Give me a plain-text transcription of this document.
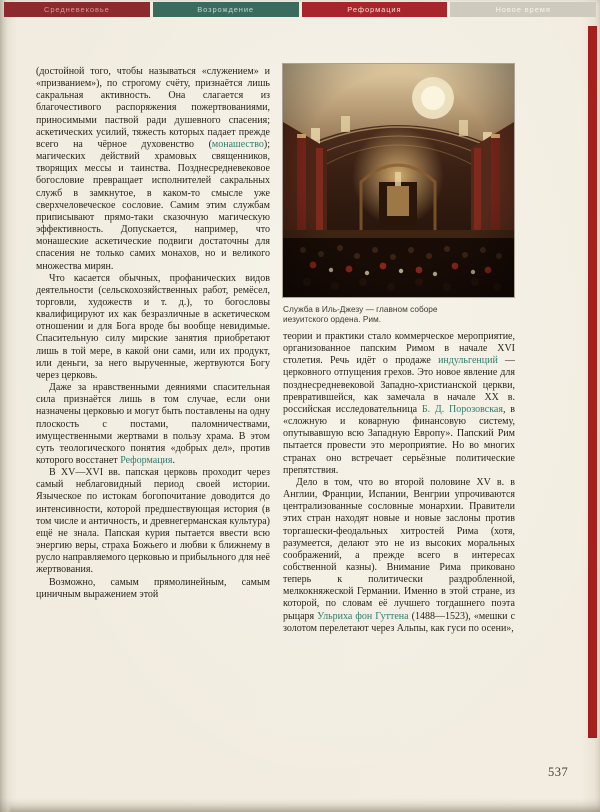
Средневековье	Возрождение	Реформация	Новое время
Служба в Иль-Джезу — главном соборе иезуитского ордена. Рим.

(достойной того, чтобы называться «служением» и «призванием»), по строгому счёту, признаётся лишь сакральная активность. Она слагается из благочестивого распоряжения пожертвованиями, приносимыми паствой ради душевного спасения; аскетических усилий, тяжесть которых падает прежде всего на чёрное духовенство (монашество); магических действий храмовых священников, творящих мессы и таинства. Позднесредневековое богословие превращает исполнителей сакральных служб в замкнутое, в каком-то смысле уже сверхчеловеческое сословие. Самим этим службам приписывают прямо-таки сказочную магическую эффективность. Допускается, например, что монашеские аскетические подвиги достаточны для спасения не только самих монахов, но и великого множества мирян.

Что касается обычных, профанических видов деятельности (сельскохозяйственных работ, ремёсел, торговли, художеств и т. д.), то богословы квалифицируют их как безразличные в аскетическом отношении и для Бога вроде бы вообще невидимые. Спасительную силу мирские занятия приобретают лишь в той мере, в какой они сами, или их продукт, или деньги, за него вырученные, жертвуются Богу через церковь.

Даже за нравственными деяниями спасительная сила признаётся лишь в том случае, если они назначены церковью и могут быть поставлены на одну плоскость с постами, паломничествами, имущественными жертвами в пользу храма. В этом суть теологического понятия «добрых дел», против которого восстанет Реформация.

В XV—XVI вв. папская церковь проходит через самый неблаговидный период своей истории. Языческое по истокам богопочитание доводится до интенсивности, которой предшествующая история (в том числе и античность, и древнегерманская культура) ещё не знала. Папская курия пытается ввести всю энергию веры, страха Божьего и любви к ближнему в русло направляемого церковью и прибыльного для неё жертвования.

Возможно, самым прямолинейным, самым циничным выражением этой

теории и практики стало коммерческое мероприятие, организованное папским Римом в начале XVI столетия. Речь идёт о продаже индульгенций — церковного отпущения грехов. Это новое явление для позднесредневековой Западно-христианской церкви, превратившейся, как замечала в начале XX в. российская исследовательница Б. Д. Порозовская, в «сложную и коварную финансовую систему, опутывавшую всю Западную Европу». Папский Рим пытается провести это мероприятие. Но во многих странах оно встречает серьёзные политические препятствия.

Дело в том, что во второй половине XV в. в Англии, Франции, Испании, Венгрии упрочиваются централизованные сословные монархии. Правители этих стран находят новые и новые заслоны против торгашески-феодальных хитростей Рима (хотя, разумеется, делают это не из высоких моральных соображений, а прежде всего в интересах собственной казны). Внимание Рима приковано теперь к политически раздробленной, мелкокняжеской Германии. Именно в этой стране, из которой, по словам её лучшего тогдашнего поэта рыцаря Ульриха фон Гуттена (1488—1523), «мешки с золотом перелетают через Альпы, как гуси по осени»,

537
